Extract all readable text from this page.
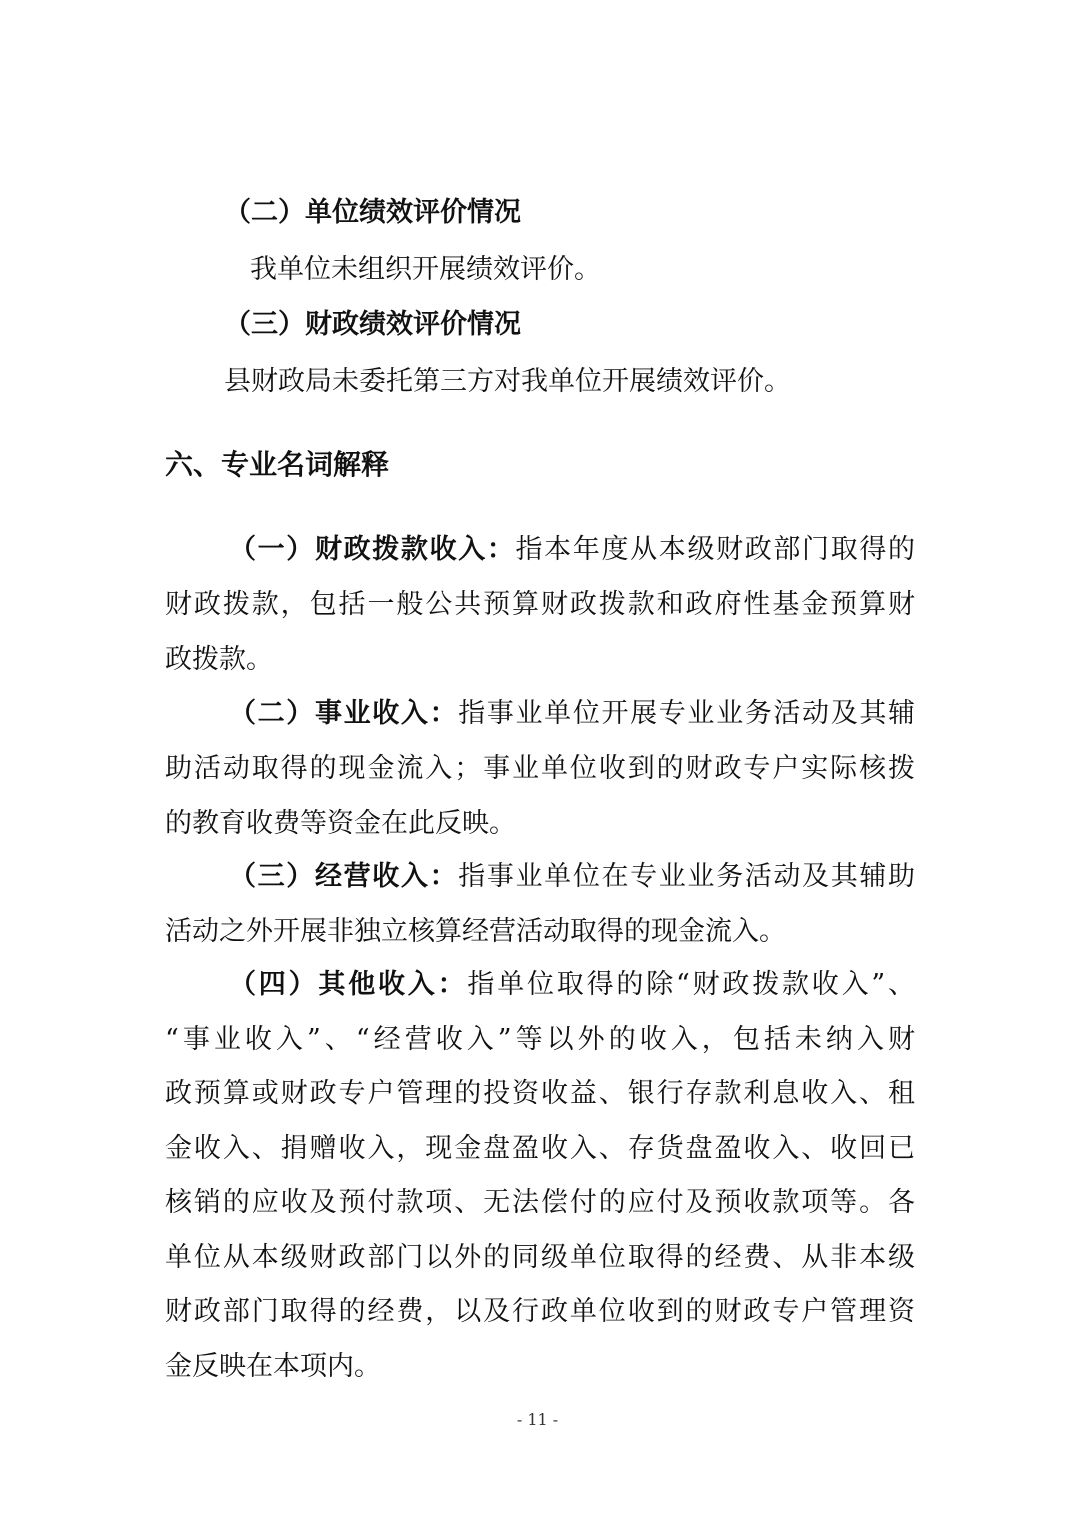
（二）单位绩效评价情况
我单位未组织开展绩效评价。
（三）财政绩效评价情况
县财政局未委托第三方对我单位开展绩效评价。
六、专业名词解释
（一）财政拨款收入：指本年度从本级财政部门取得的
财政拨款，包括一般公共预算财政拨款和政府性基金预算财
政拨款。
（二）事业收入：指事业单位开展专业业务活动及其辅
助活动取得的现金流入；事业单位收到的财政专户实际核拨
的教育收费等资金在此反映。
（三）经营收入：指事业单位在专业业务活动及其辅助
活动之外开展非独立核算经营活动取得的现金流入。
（四）其他收入：指单位取得的除“财政拨款收入”、
“事业收入”、“经营收入”等以外的收入，包括未纳入财
政预算或财政专户管理的投资收益、银行存款利息收入、租
金收入、捐赠收入，现金盘盈收入、存货盘盈收入、收回已
核销的应收及预付款项、无法偿付的应付及预收款项等。各
单位从本级财政部门以外的同级单位取得的经费、从非本级
财政部门取得的经费，以及行政单位收到的财政专户管理资
金反映在本项内。
- 11 -
